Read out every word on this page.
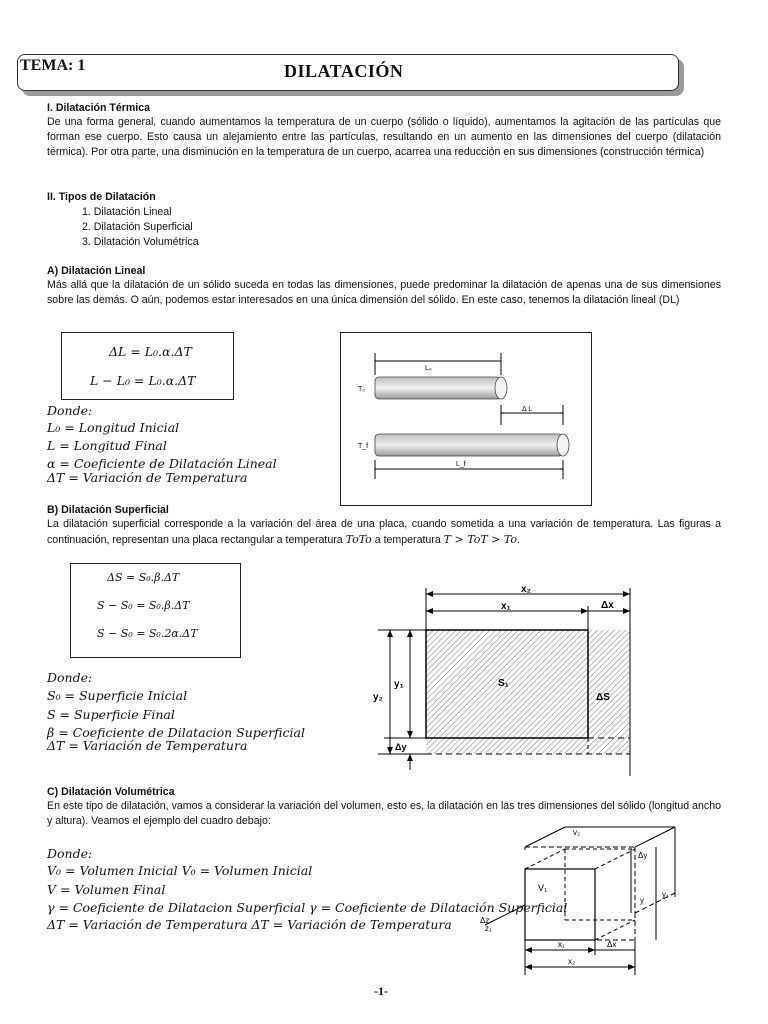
TEMA: 1	DILATACIÓN
I. Dilatación Térmica
De una forma general, cuando aumentamos la temperatura de un cuerpo (sólido o líquido), aumentamos la agitación de las partículas que forman ese cuerpo. Esto causa un alejamiento entre las partículas, resultando en un aumento en las dimensiones del cuerpo (dilatación térmica). Por otra parte, una disminución en la temperatura de un cuerpo, acarrea una reducción en sus dimensiones (construcción térmica)
II. Tipos de Dilatación
1. Dilatación Lineal
2. Dilatación Superficial
3. Dilatación Volumétrica
A) Dilatación Lineal
Más allá que la dilatación de un sólido suceda en todas las dimensiones, puede predominar la dilatación de apenas una de sus dimensiones sobre las demás. O aún, podemos estar interesados en una única dimensión del sólido. En este caso, tenemos la dilatación lineal (DL)
ΔL = L₀.α.ΔT
L − L₀ = L₀.α.ΔT
Donde:
L₀ = Longitud Inicial
L = Longitud Final
α = Coeficiente de Dilatación Lineal
ΔT = Variación de Temperatura
L₀
T₀
Δ L
T_f
L_f
B) Dilatación Superficial
La dilatación superficial corresponde a la variación del área de una placa, cuando sometida a una variación de temperatura. Las figuras a continuación, representan una placa rectangular a temperatura ToTo a temperatura T > ToT > To.
ΔS = S₀.β.ΔT
S − S₀ = S₀.β.ΔT
S − S₀ = S₀.2α.ΔT
Donde:
S₀ = Superficie Inicial
S = Superficie Final
β = Coeficiente de Dilatacion Superficial
ΔT = Variación de Temperatura
x₂
x₁	Δx
S₁
ΔS
y₁
y₂
Δy
C) Dilatación Volumétrica
En este tipo de dilatación, vamos a considerar la variación del volumen, esto es, la dilatación en las tres dimensiones del sólido (longitud ancho y altura). Veamos el ejemplo del cuadro debajo:
Donde:
V₀ = Volumen Inicial V₀ = Volumen Inicial
V = Volumen Final
γ = Coeficiente de Dilatacion Superficial γ = Coeficiente de Dilatación Superficial
ΔT = Variación de Temperatura ΔT = Variación de Temperatura
V₁
v₂
Δy
y
y₁
Δz
z₁
x₁	Δx
x₂
-1-
